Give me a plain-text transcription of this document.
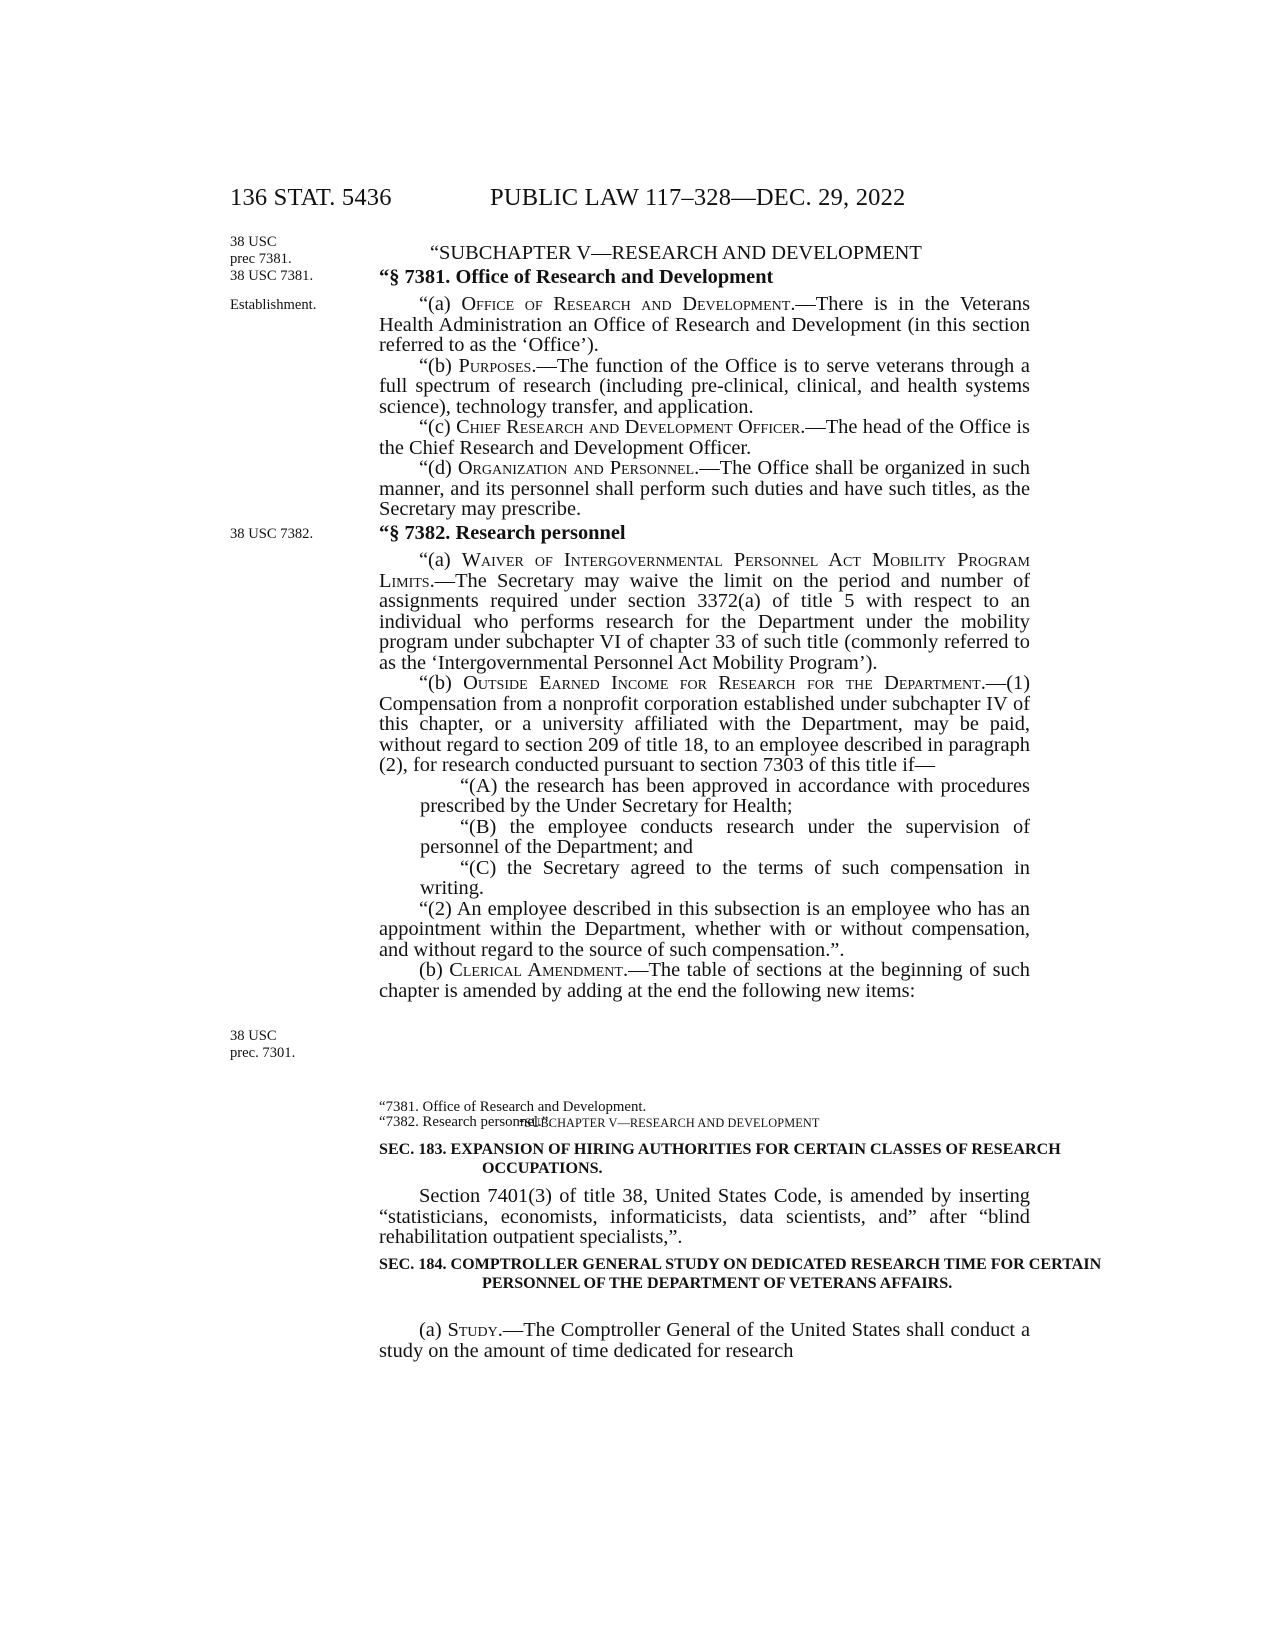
136 STAT. 5436	PUBLIC LAW 117–328—DEC. 29, 2022
38 USC
prec 7381.
38 USC 7381.
Establishment.
38 USC 7382.
38 USC
prec. 7301.
“SUBCHAPTER V—RESEARCH AND DEVELOPMENT
“§ 7381. Office of Research and Development

“(a) Office of Research and Development.—There is in the Veterans Health Administration an Office of Research and Development (in this section referred to as the ‘Office’).

“(b) Purposes.—The function of the Office is to serve veterans through a full spectrum of research (including pre-clinical, clinical, and health systems science), technology transfer, and application.

“(c) Chief Research and Development Officer.—The head of the Office is the Chief Research and Development Officer.

“(d) Organization and Personnel.—The Office shall be organized in such manner, and its personnel shall perform such duties and have such titles, as the Secretary may prescribe.

“§ 7382. Research personnel

“(a) Waiver of Intergovernmental Personnel Act Mobility Program Limits.—The Secretary may waive the limit on the period and number of assignments required under section 3372(a) of title 5 with respect to an individual who performs research for the Department under the mobility program under subchapter VI of chapter 33 of such title (commonly referred to as the ‘Intergovernmental Personnel Act Mobility Program’).

“(b) Outside Earned Income for Research for the Department.—(1) Compensation from a nonprofit corporation established under subchapter IV of this chapter, or a university affiliated with the Department, may be paid, without regard to section 209 of title 18, to an employee described in paragraph (2), for research conducted pursuant to section 7303 of this title if—

“(A) the research has been approved in accordance with procedures prescribed by the Under Secretary for Health;

“(B) the employee conducts research under the supervision of personnel of the Department; and

“(C) the Secretary agreed to the terms of such compensation in writing.

“(2) An employee described in this subsection is an employee who has an appointment within the Department, whether with or without compensation, and without regard to the source of such compensation.”.

(b) Clerical Amendment.—The table of sections at the beginning of such chapter is amended by adding at the end the following new items:

“SUBCHAPTER V—RESEARCH AND DEVELOPMENT
“7381. Office of Research and Development.
“7382. Research personnel.”.
SEC. 183. EXPANSION OF HIRING AUTHORITIES FOR CERTAIN CLASSES OF RESEARCH OCCUPATIONS.

Section 7401(3) of title 38, United States Code, is amended by inserting “statisticians, economists, informaticists, data scientists, and” after “blind rehabilitation outpatient specialists,”.

SEC. 184. COMPTROLLER GENERAL STUDY ON DEDICATED RESEARCH TIME FOR CERTAIN PERSONNEL OF THE DEPARTMENT OF VETERANS AFFAIRS.

(a) Study.—The Comptroller General of the United States shall conduct a study on the amount of time dedicated for research
